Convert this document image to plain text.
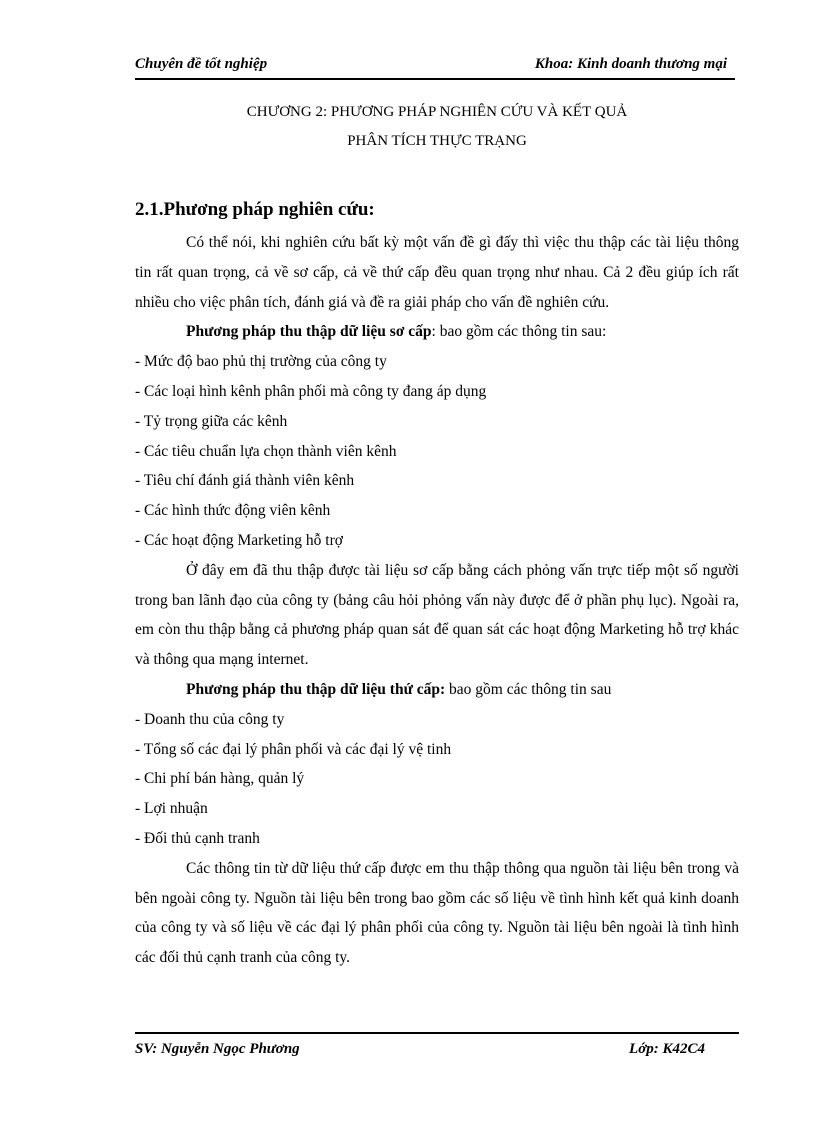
Chuyên đề tốt nghiệp	Khoa: Kinh doanh thương mại
CHƯƠNG 2: PHƯƠNG PHÁP NGHIÊN CỨU VÀ KẾT QUẢ
PHÂN TÍCH THỰC TRẠNG
2.1.Phương pháp nghiên cứu:

Có thể nói, khi nghiên cứu bất kỳ một vấn đề gì đấy thì việc thu thập các tài liệu thông tin rất quan trọng, cả về sơ cấp, cả về thứ cấp đều quan trọng như nhau. Cả 2 đều giúp ích rất nhiều cho việc phân tích, đánh giá và đề ra giải pháp cho vấn đề nghiên cứu.

Phương pháp thu thập dữ liệu sơ cấp: bao gồm các thông tin sau:

- Mức độ bao phủ thị trường của công ty

- Các loại hình kênh phân phối mà công ty đang áp dụng

- Tỷ trọng giữa các kênh

- Các tiêu chuẩn lựa chọn thành viên kênh

- Tiêu chí đánh giá thành viên kênh

- Các hình thức động viên kênh

- Các hoạt động Marketing hỗ trợ

Ở đây em đã thu thập được tài liệu sơ cấp bằng cách phỏng vấn trực tiếp một số người trong ban lãnh đạo của công ty (bảng câu hỏi phỏng vấn này được để ở phần phụ lục). Ngoài ra, em còn thu thập bằng cả phương pháp quan sát để quan sát các hoạt động Marketing hỗ trợ khác và thông qua mạng internet.

Phương pháp thu thập dữ liệu thứ cấp: bao gồm các thông tin sau

- Doanh thu của công ty

- Tổng số các đại lý phân phối và các đại lý vệ tinh

- Chi phí bán hàng, quản lý

- Lợi nhuận

- Đối thủ cạnh tranh

Các thông tin từ dữ liệu thứ cấp được em thu thập thông qua nguồn tài liệu bên trong và bên ngoài công ty. Nguồn tài liệu bên trong bao gồm các số liệu về tình hình kết quả kinh doanh của công ty và số liệu về các đại lý phân phối của công ty. Nguồn tài liệu bên ngoài là tình hình các đối thủ cạnh tranh của công ty.

SV: Nguyễn Ngọc Phương	Lớp: K42C4
